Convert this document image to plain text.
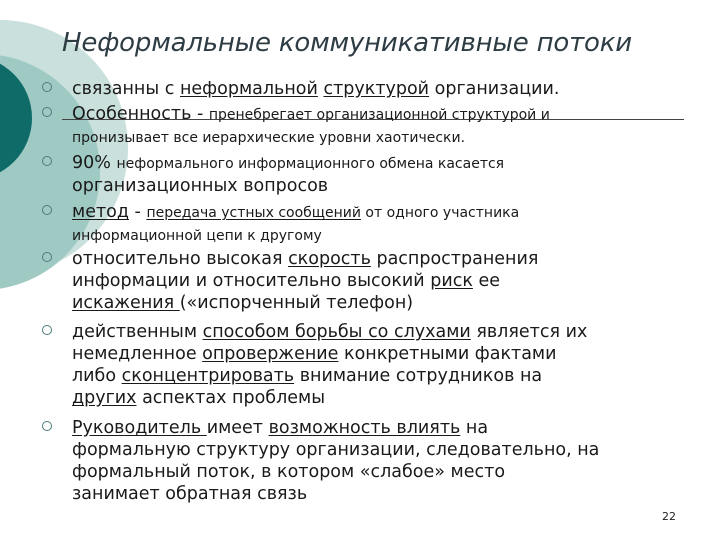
Неформальные коммуникативные потоки
связанны с неформальной структурой организации.
Особенность - пренебрегает организационной структурой и
пронизывает все иерархические уровни хаотически.
90% неформального информационного обмена касается
организационных вопросов
метод - передача устных сообщений от одного участника
информационной цепи к другому
относительно высокая скорость распространения
информации и относительно высокий риск ее
искажения («испорченный телефон)
действенным способом борьбы со слухами является их
немедленное опровержение конкретными фактами
либо сконцентрировать внимание сотрудников на
других аспектах проблемы
Руководитель имеет возможность влиять на
формальную структуру организации, следовательно, на
формальный поток, в котором «слабое» место
занимает обратная связь
22
